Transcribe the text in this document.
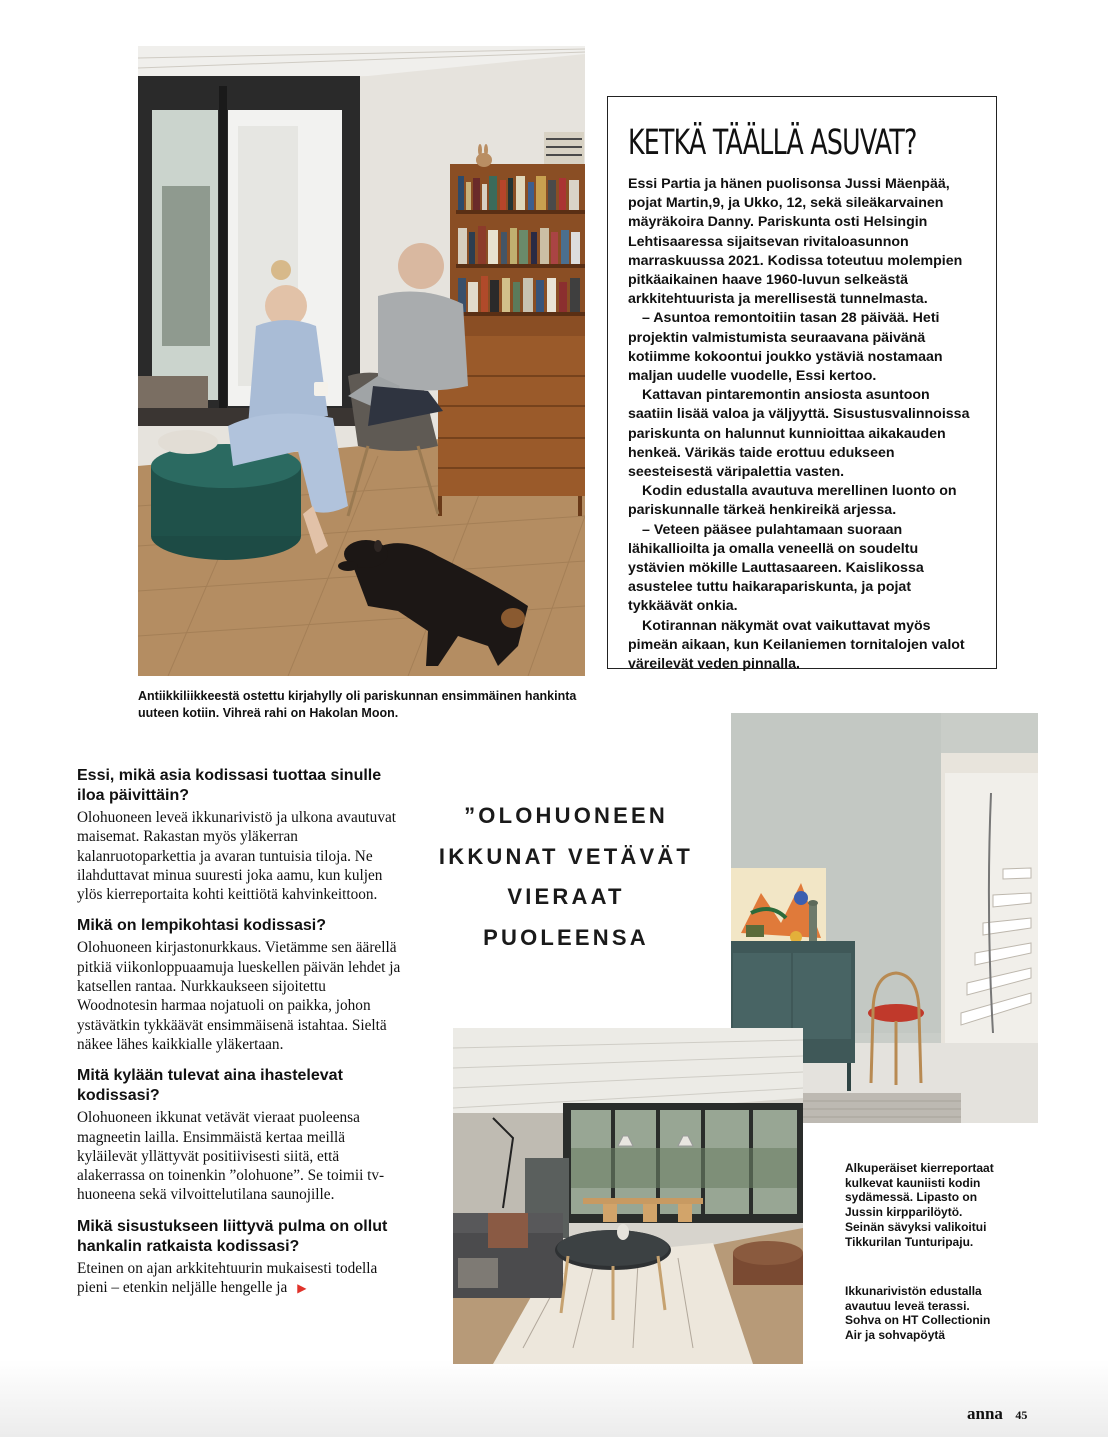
Antiikkiliikkeestä ostettu kirjahylly oli pariskunnan ensimmäinen hankinta uuteen kotiin. Vihreä rahi on Hakolan Moon.
KETKÄ TÄÄLLÄ ASUVAT?

Essi Partia ja hänen puolisonsa Jussi Mäenpää, pojat Martin,9, ja Ukko, 12, sekä sileäkarvainen mäyräkoira Danny. Pariskunta osti Helsingin Lehtisaaressa sijaitsevan rivitaloasunnon marraskuussa 2021. Kodissa toteutuu molempien pitkäaikainen haave 1960-luvun selkeästä arkkitehtuurista ja merellisestä tunnelmasta.

– Asuntoa remontoitiin tasan 28 päivää. Heti projektin valmistumista seuraavana päivänä kotiimme kokoontui joukko ystäviä nostamaan maljan uudelle vuodelle, Essi kertoo.

Kattavan pintaremontin ansiosta asuntoon saatiin lisää valoa ja väljyyttä. Sisustusvalinnoissa pariskunta on halunnut kunnioittaa aikakauden henkeä. Värikäs taide erottuu edukseen seesteisestä väripalettia vasten.

Kodin edustalla avautuva merellinen luonto on pariskunnalle tärkeä henkireikä arjessa.

– Veteen pääsee pulahtamaan suoraan lähikallioilta ja omalla veneellä on soudeltu ystävien mökille Lauttasaareen. Kaislikossa asustelee tuttu haikarapariskunta, ja pojat tykkäävät onkia.

Kotirannan näkymät ovat vaikuttavat myös pimeän aikaan, kun Keilaniemen tornitalojen valot väreilevät veden pinnalla.

Essi, mikä asia kodissasi tuottaa sinulle iloa päivittäin?

Olohuoneen leveä ikkunarivistö ja ulkona avautuvat maisemat. Rakastan myös yläkerran kalanruotoparkettia ja avaran tuntuisia tiloja. Ne ilahduttavat minua suuresti joka aamu, kun kuljen ylös kierreportaita kohti keittiötä kahvinkeittoon.

Mikä on lempikohtasi kodissasi?

Olohuoneen kirjastonurkkaus. Vietämme sen äärellä pitkiä viikonloppuaamuja lueskellen päivän lehdet ja katsellen rantaa. Nurkkaukseen sijoitettu Woodnotesin harmaa nojatuoli on paikka, johon ystävätkin tykkäävät ensimmäisenä istahtaa. Sieltä näkee lähes kaikkialle yläkertaan.

Mitä kylään tulevat aina ihastelevat kodissasi?

Olohuoneen ikkunat vetävät vieraat puoleensa magneetin lailla. Ensimmäistä kertaa meillä kyläilevät yllättyvät positiivisesti siitä, että alakerrassa on toinenkin ”olohuone”. Se toimii tv-huoneena sekä vilvoittelutilana saunojille.

Mikä sisustukseen liittyvä pulma on ollut hankalin ratkaista kodissasi?

Eteinen on ajan arkkitehtuurin mukaisesti todella pieni – etenkin neljälle hengelle ja ▶

”OLOHUONEEN IKKUNAT VETÄVÄT VIERAAT PUOLEENSA
Alkuperäiset kierreportaat kulkevat kauniisti kodin sydämessä. Lipasto on Jussin kirpparilöytö. Seinän sävyksi valikoitui Tikkurilan Tunturipaju.
Ikkunarivistön edustalla avautuu leveä terassi. Sohva on HT Collectionin Air ja sohvapöytä
anna 45
